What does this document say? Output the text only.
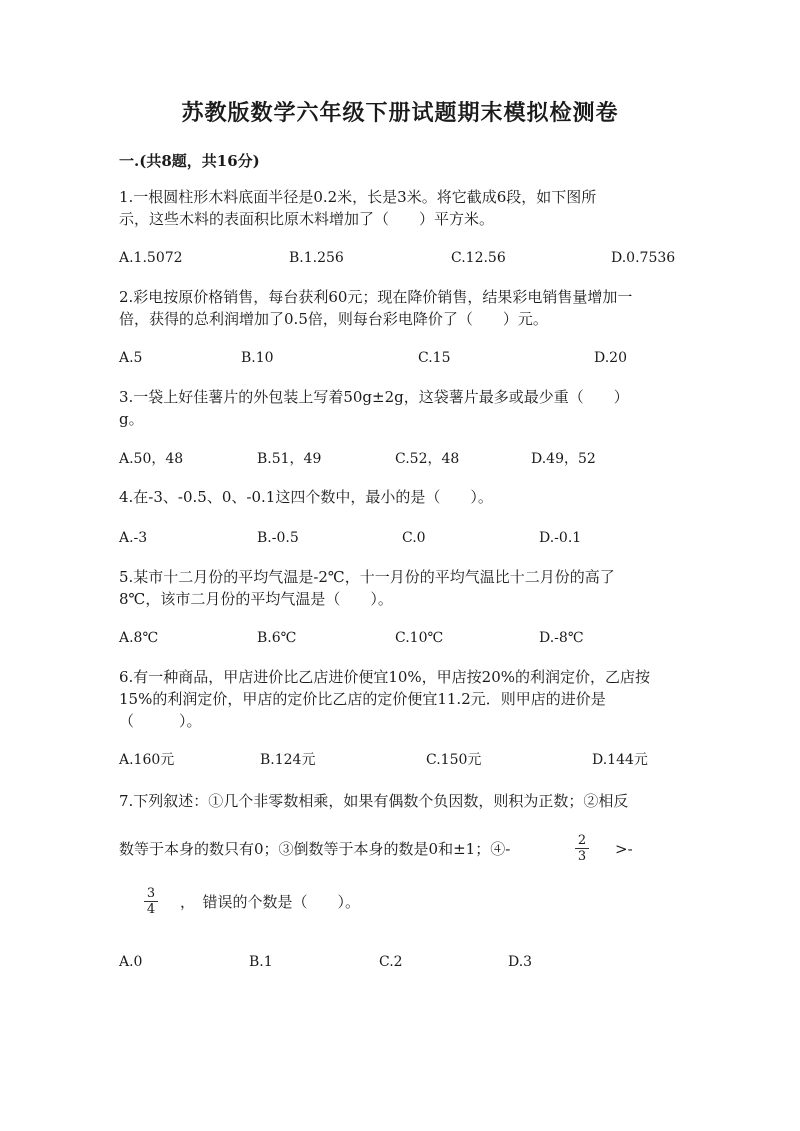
苏教版数学六年级下册试题期末模拟检测卷
一.(共8题，共16分)
1.一根圆柱形木料底面半径是0.2米，长是3米。将它截成6段，如下图所
示，这些木料的表面积比原木料增加了（　　）平方米。
A.1.5072	B.1.256	C.12.56	D.0.7536
2.彩电按原价格销售，每台获利60元；现在降价销售，结果彩电销售量增加一
倍，获得的总利润增加了0.5倍，则每台彩电降价了（　　）元。
A.5	B.10	C.15	D.20
3.一袋上好佳薯片的外包装上写着50g±2g，这袋薯片最多或最少重（　　）
g。
A.50，48	B.51，49	C.52，48	D.49，52
4.在-3、-0.5、0、-0.1这四个数中，最小的是（　　）。
A.-3	B.-0.5	C.0	D.-0.1
5.某市十二月份的平均气温是-2℃，十一月份的平均气温比十二月份的高了
8℃，该市二月份的平均气温是（　　）。
A.8℃	B.6℃	C.10℃	D.-8℃
6.有一种商品，甲店进价比乙店进价便宜10%，甲店按20%的利润定价，乙店按
15%的利润定价，甲店的定价比乙店的定价便宜11.2元．则甲店的进价是
（　　　）。
A.160元	B.124元	C.150元	D.144元
7.下列叙述：①几个非零数相乘，如果有偶数个负因数，则积为正数；②相反
数等于本身的数只有0；③倒数等于本身的数是0和±1；④-	$\frac{2}{3}$ >-
$\frac{3}{4}$ ，　错误的个数是（　　）。
A.0	B.1	C.2	D.3
